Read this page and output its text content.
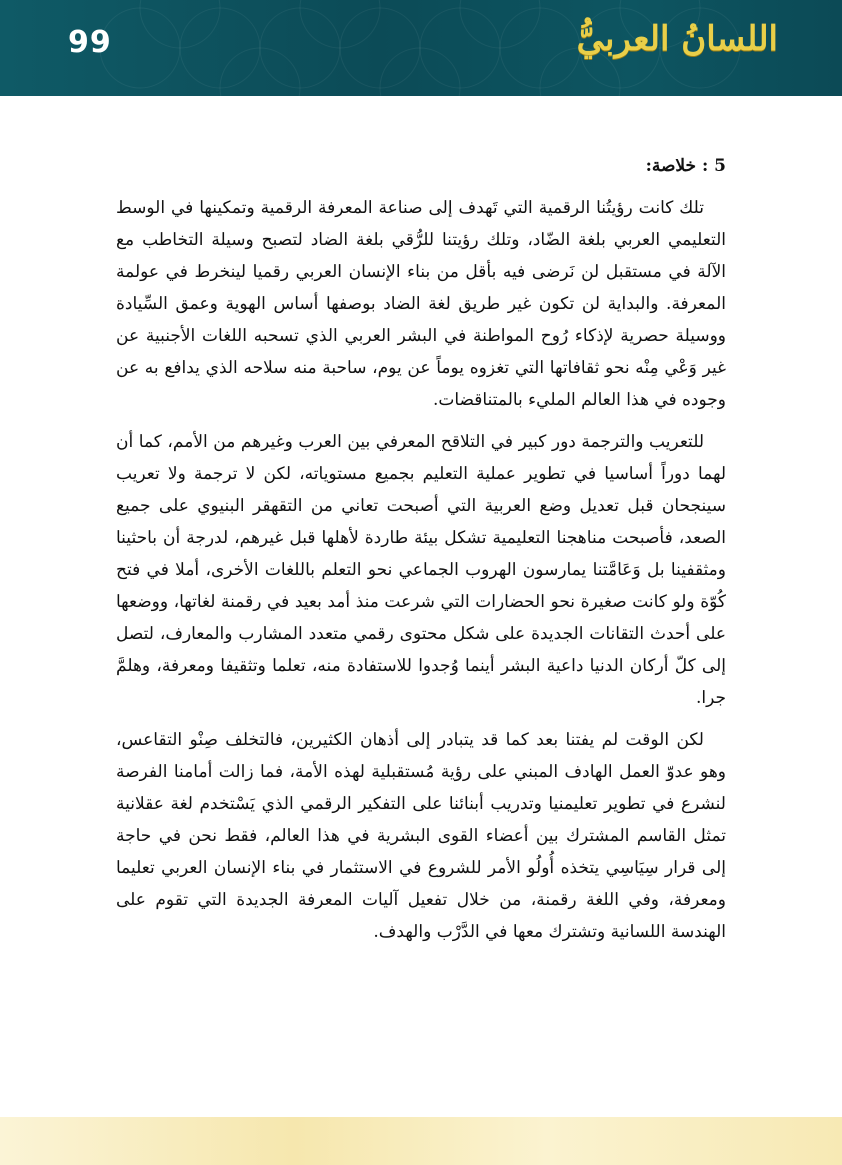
99	اللسانُ العربيُّ
5 : خلاصة:

تلك كانت رؤيتُنا الرقمية التي تَهدف إلى صناعة المعرفة الرقمية وتمكينها في الوسط التعليمي العربي بلغة الضّاد، وتلك رؤيتنا للرُّقي بلغة الضاد لتصبح وسيلة التخاطب مع الآلة في مستقبل لن نَرضى فيه بأقل من بناء الإنسان العربي رقميا لينخرط في عولمة المعرفة. والبداية لن تكون غير طريق لغة الضاد بوصفها أساس الهوية وعمق السِّيادة ووسيلة حصرية لإذكاء رُوح المواطنة في البشر العربي الذي تسحبه اللغات الأجنبية عن غير وَعْي مِنْه نحو ثقافاتها التي تغزوه يوماً عن يوم، ساحبة منه سلاحه الذي يدافع به عن وجوده في هذا العالم المليء بالمتناقضات.

للتعريب والترجمة دور كبير في التلاقح المعرفي بين العرب وغيرهم من الأمم، كما أن لهما دوراً أساسيا في تطوير عملية التعليم بجميع مستوياته، لكن لا ترجمة ولا تعريب سينجحان قبل تعديل وضع العربية التي أصبحت تعاني من التقهقر البنيوي على جميع الصعد، فأصبحت مناهجنا التعليمية تشكل بيئة طاردة لأهلها قبل غيرهم، لدرجة أن باحثينا ومثقفينا بل وَعَامَّتنا يمارسون الهروب الجماعي نحو التعلم باللغات الأخرى، أملا في فتح كُوّة ولو كانت صغيرة نحو الحضارات التي شرعت منذ أمد بعيد في رقمنة لغاتها، ووضعها على أحدث التقانات الجديدة على شكل محتوى رقمي متعدد المشارب والمعارف، لتصل إلى كلّ أركان الدنيا داعية البشر أينما وُجدوا للاستفادة منه، تعلما وتثقيفا ومعرفة، وهلمَّ جرا.

لكن الوقت لم يفتنا بعد كما قد يتبادر إلى أذهان الكثيرين، فالتخلف صِنْو التقاعس، وهو عدوّ العمل الهادف المبني على رؤية مُستقبلية لهذه الأمة، فما زالت أمامنا الفرصة لنشرع في تطوير تعليمنيا وتدريب أبنائنا على التفكير الرقمي الذي يَسْتخدم لغة عقلانية تمثل القاسم المشترك بين أعضاء القوى البشرية في هذا العالم، فقط نحن في حاجة إلى قرار سِيَاسِي يتخذه أُولُو الأمر للشروع في الاستثمار في بناء الإنسان العربي تعليما ومعرفة، وفي اللغة رقمنة، من خلال تفعيل آليات المعرفة الجديدة التي تقوم على الهندسة اللسانية وتشترك معها في الدَّرْب والهدف.
